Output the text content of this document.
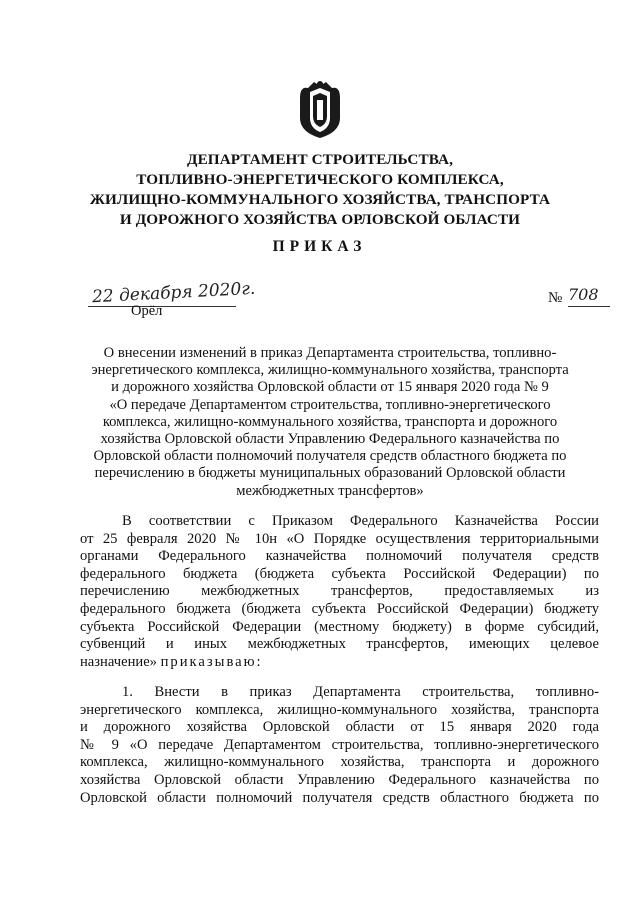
ДЕПАРТАМЕНТ СТРОИТЕЛЬСТВА,
ТОПЛИВНО-ЭНЕРГЕТИЧЕСКОГО КОМПЛЕКСА,
ЖИЛИЩНО-КОММУНАЛЬНОГО ХОЗЯЙСТВА, ТРАНСПОРТА
И ДОРОЖНОГО ХОЗЯЙСТВА ОРЛОВСКОЙ ОБЛАСТИ
ПРИКАЗ
22 декабря 2020г.
Орёл
№ 708
О внесении изменений в приказ Департамента строительства, топливно-
энергетического комплекса, жилищно-коммунального хозяйства, транспорта
и дорожного хозяйства Орловской области от 15 января 2020 года № 9
«О передаче Департаментом строительства, топливно-энергетического
комплекса, жилищно-коммунального хозяйства, транспорта и дорожного
хозяйства Орловской области Управлению Федерального казначейства по
Орловской области полномочий получателя средств областного бюджета по
перечислению в бюджеты муниципальных образований Орловской области
межбюджетных трансфертов»
В соответствии с Приказом Федерального Казначейства России
от 25 февраля 2020 № 10н «О Порядке осуществления территориальными
органами Федерального казначейства полномочий получателя средств
федерального бюджета (бюджета субъекта Российской Федерации) по
перечислению межбюджетных трансфертов, предоставляемых из
федерального бюджета (бюджета субъекта Российской Федерации) бюджету
субъекта Российской Федерации (местному бюджету) в форме субсидий,
субвенций и иных межбюджетных трансфертов, имеющих целевое
назначение» приказываю:
1. Внести в приказ Департамента строительства, топливно-
энергетического комплекса, жилищно-коммунального хозяйства, транспорта
и дорожного хозяйства Орловской области от 15 января 2020 года
№ 9 «О передаче Департаментом строительства, топливно-энергетического
комплекса, жилищно-коммунального хозяйства, транспорта и дорожного
хозяйства Орловской области Управлению Федерального казначейства по
Орловской области полномочий получателя средств областного бюджета по
